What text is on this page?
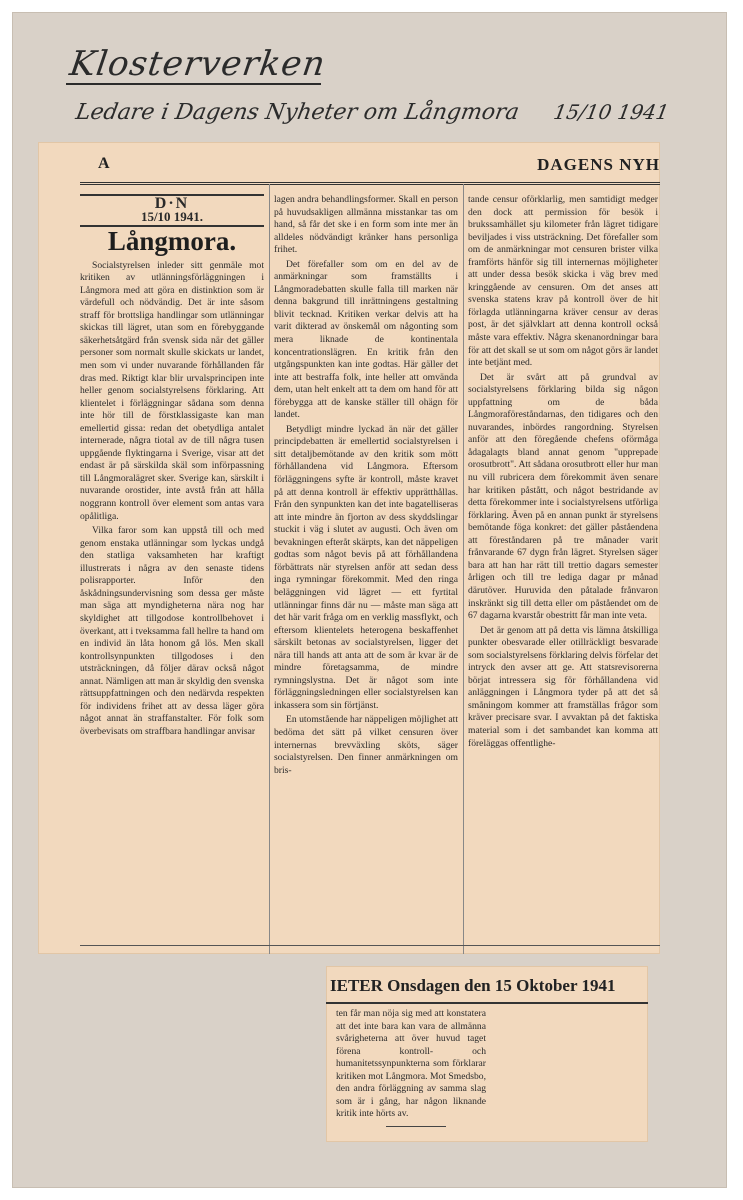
Klosterverken
Ledare i Dagens Nyheter om Långmora 15/10 1941
A	DAGENS NYH
D·N
15/10 1941.
Långmora.

Socialstyrelsen inleder sitt genmäle mot kritiken av utlänningsförläggningen i Långmora med att göra en distinktion som är värdefull och nödvändig. Det är inte såsom straff för brottsliga handlingar som utlänningar skickas till lägret, utan som en förebyggande säkerhetsåtgärd från svensk sida när det gäller personer som normalt skulle skickats ur landet, men som vi under nuvarande förhållanden får dras med. Riktigt klar blir urvalsprincipen inte heller genom socialstyrelsens förklaring. Att klientelet i förläggningar sådana som denna inte hör till de förstklassigaste kan man emellertid gissa: redan det obetydliga antalet internerade, några tiotal av de till några tusen uppgående flyktingarna i Sverige, visar att det endast är på särskilda skäl som införpassning till Långmoralägret sker. Sverige kan, särskilt i nuvarande orostider, inte avstå från att hålla noggrann kontroll över element som antas vara opålitliga.

Vilka faror som kan uppstå till och med genom enstaka utlänningar som lyckas undgå den statliga vaksamheten har kraftigt illustrerats i några av den senaste tidens polisrapporter. Inför den åskådningsundervisning som dessa ger måste man säga att myndigheterna nära nog har skyldighet att tillgodose kontrollbehovet i överkant, att i tveksamma fall hellre ta hand om en individ än låta honom gå lös. Men skall kontrollsynpunkten tillgodoses i den utsträckningen, då följer därav också något annat. Nämligen att man är skyldig den svenska rättsuppfattningen och den nedärvda respekten för individens frihet att av dessa läger göra något annat än straffanstalter. För folk som överbevisats om straffbara handlingar anvisar

lagen andra behandlingsformer. Skall en person på huvudsakligen allmänna misstankar tas om hand, så får det ske i en form som inte mer än alldeles nödvändigt kränker hans personliga frihet.

Det förefaller som om en del av de anmärkningar som framställts i Långmoradebatten skulle falla till marken när denna bakgrund till inrättningens gestaltning blivit tecknad. Kritiken verkar delvis att ha varit dikterad av önskemål om någonting som mera liknade de kontinentala koncentrationslägren. En kritik från den utgångspunkten kan inte godtas. Här gäller det inte att bestraffa folk, inte heller att omvända dem, utan helt enkelt att ta dem om hand för att förebygga att de kanske ställer till ohägn för landet.

Betydligt mindre lyckad än när det gäller principdebatten är emellertid socialstyrelsen i sitt detaljbemötande av den kritik som mött förhållandena vid Långmora. Eftersom förläggningens syfte är kontroll, måste kravet på att denna kontroll är effektiv upprätthållas. Från den synpunkten kan det inte bagatelliseras att inte mindre än fjorton av dess skyddslingar stuckit i väg i slutet av augusti. Och även om bevakningen efteråt skärpts, kan det näppeligen godtas som något bevis på att förhållandena förbättrats när styrelsen anför att sedan dess inga rymningar förekommit. Med den ringa beläggningen vid lägret — ett fyrtital utlänningar finns där nu — måste man säga att det här varit fråga om en verklig massflykt, och eftersom klientelets heterogena beskaffenhet särskilt betonas av socialstyrelsen, ligger det nära till hands att anta att de som är kvar är de mindre företagsamma, de mindre rymningslystna. Det är något som inte förläggningsledningen eller socialstyrelsen kan inkassera som sin förtjänst.

En utomstående har näppeligen möjlighet att bedöma det sätt på vilket censuren över internernas brevväxling sköts, säger socialstyrelsen. Den finner anmärkningen om bris-

tande censur oförklarlig, men samtidigt medger den dock att permission för besök i brukssamhället sju kilometer från lägret tidigare beviljades i viss utsträckning. Det förefaller som om de anmärkningar mot censuren brister vilka framförts hänför sig till internernas möjligheter att under dessa besök skicka i väg brev med kringgående av censuren. Om det anses att svenska statens krav på kontroll över de hit förlagda utlänningarna kräver censur av deras post, är det självklart att denna kontroll också måste vara effektiv. Några skenanordningar bara för att det skall se ut som om något görs är landet inte betjänt med.

Det är svårt att på grundval av socialstyrelsens förklaring bilda sig någon uppfattning om de båda Långmoraföreståndarnas, den tidigares och den nuvarandes, inbördes rangordning. Styrelsen anför att den föregående chefens oförmåga ådagalagts bland annat genom "upprepade orosutbrott". Att sådana orosutbrott eller hur man nu vill rubricera dem förekommit även senare har kritiken påstått, och något bestridande av detta förekommer inte i socialstyrelsens utförliga förklaring. Även på en annan punkt är styrelsens bemötande föga konkret: det gäller påståendena att föreståndaren på tre månader varit frånvarande 67 dygn från lägret. Styrelsen säger bara att han har rätt till trettio dagars semester årligen och till tre lediga dagar pr månad därutöver. Huruvida den påtalade frånvaron inskränkt sig till detta eller om påståendet om de 67 dagarna kvarstår obestritt får man inte veta.

Det är genom att på detta vis lämna åtskilliga punkter obesvarade eller otillräckligt besvarade som socialstyrelsens förklaring delvis förfelar det intryck den avser att ge. Att statsrevisorerna börjat intressera sig för förhållandena vid anläggningen i Långmora tyder på att det så småningom kommer att framställas frågor som kräver precisare svar. I avvaktan på det faktiska material som i det sambandet kan komma att föreläggas offentlighe-

IETER Onsdagen den 15 Oktober 1941

ten får man nöja sig med att konstatera att det inte bara kan vara de allmänna svårigheterna att över huvud taget förena kontroll- och humanitetssynpunkterna som förklarar kritiken mot Långmora. Mot Smedsbo, den andra förläggning av samma slag som är i gång, har någon liknande kritik inte hörts av.
